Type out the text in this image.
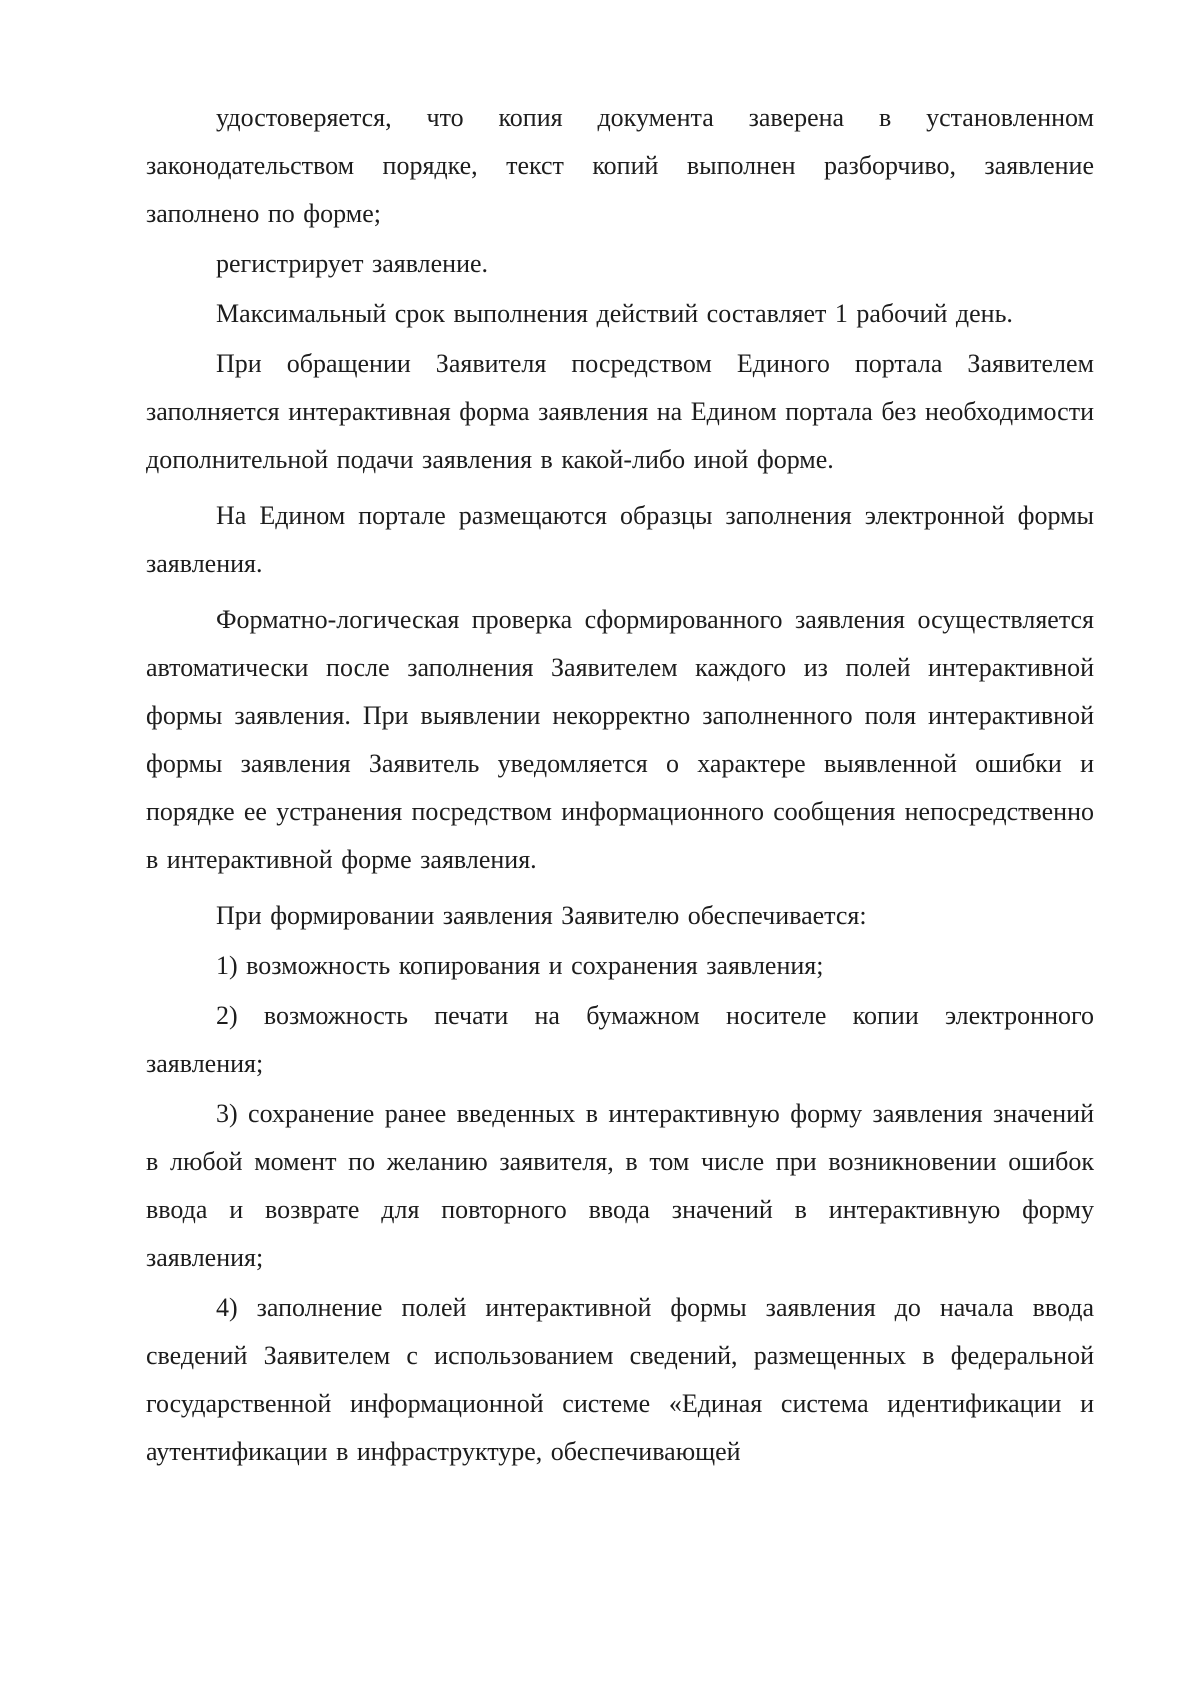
удостоверяется, что копия документа заверена в установленном законодательством порядке, текст копий выполнен разборчиво, заявление заполнено по форме;

регистрирует заявление.

Максимальный срок выполнения действий составляет 1 рабочий день.

При обращении Заявителя посредством Единого портала Заявителем заполняется интерактивная форма заявления на Едином портала без необходимости дополнительной подачи заявления в какой-либо иной форме.

На Едином портале размещаются образцы заполнения электронной формы заявления.

Форматно-логическая проверка сформированного заявления осуществляется автоматически после заполнения Заявителем каждого из полей интерактивной формы заявления. При выявлении некорректно заполненного поля интерактивной формы заявления Заявитель уведомляется о характере выявленной ошибки и порядке ее устранения посредством информационного сообщения непосредственно в интерактивной форме заявления.

При формировании заявления Заявителю обеспечивается:

1) возможность копирования и сохранения заявления;

2) возможность печати на бумажном носителе копии электронного заявления;

3) сохранение ранее введенных в интерактивную форму заявления значений в любой момент по желанию заявителя, в том числе при возникновении ошибок ввода и возврате для повторного ввода значений в интерактивную форму заявления;

4) заполнение полей интерактивной формы заявления до начала ввода сведений Заявителем с использованием сведений, размещенных в федеральной государственной информационной системе «Единая система идентификации и аутентификации в инфраструктуре, обеспечивающей
